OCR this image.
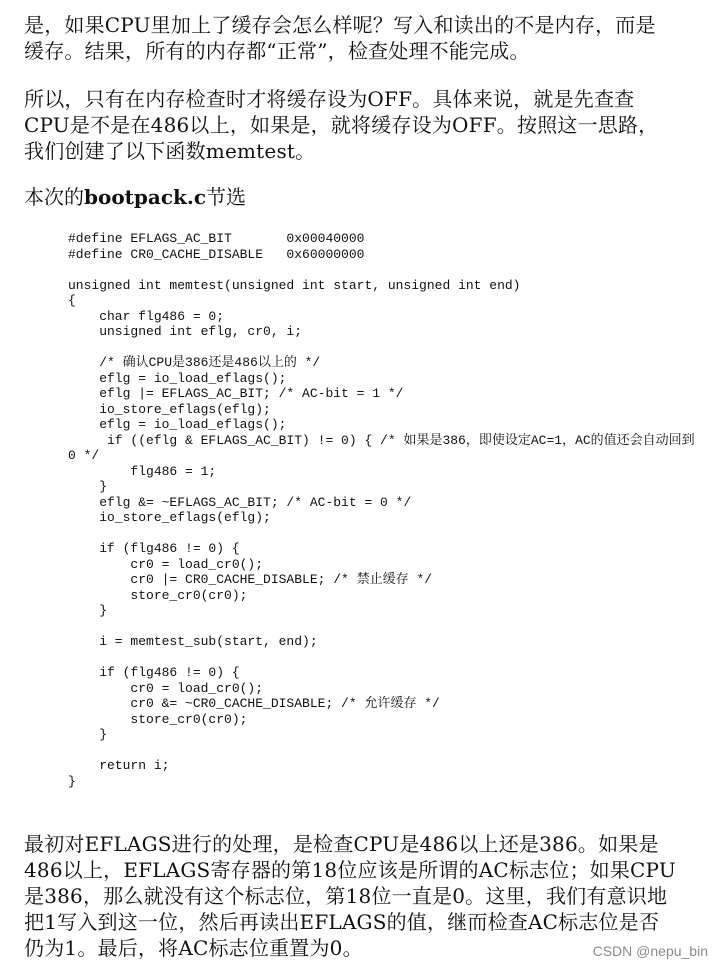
是，如果CPU里加上了缓存会怎么样呢？写入和读出的不是内存，而是
缓存。结果，所有的内存都“正常”，检查处理不能完成。
所以，只有在内存检查时才将缓存设为OFF。具体来说，就是先查查
CPU是不是在486以上，如果是，就将缓存设为OFF。按照这一思路，
我们创建了以下函数memtest。

本次的bootpack.c节选

#define EFLAGS_AC_BIT       0x00040000
#define CR0_CACHE_DISABLE   0x60000000
unsigned int memtest(unsigned int start, unsigned int end)
{
char flg486 = 0;
unsigned int eflg, cr0, i;
/* 确认CPU是386还是486以上的 */
eflg = io_load_eflags();
eflg |= EFLAGS_AC_BIT; /* AC-bit = 1 */
io_store_eflags(eflg);
eflg = io_load_eflags();
if ((eflg & EFLAGS_AC_BIT) != 0) { /* 如果是386，即使设定AC=1，AC的值还会自动回到
0 */
flg486 = 1;
}
eflg &= ~EFLAGS_AC_BIT; /* AC-bit = 0 */
io_store_eflags(eflg);
if (flg486 != 0) {
cr0 = load_cr0();
cr0 |= CR0_CACHE_DISABLE; /* 禁止缓存 */
store_cr0(cr0);
}
i = memtest_sub(start, end);
if (flg486 != 0) {
cr0 = load_cr0();
cr0 &= ~CR0_CACHE_DISABLE; /* 允许缓存 */
store_cr0(cr0);
}
return i;
}
最初对EFLAGS进行的处理，是检查CPU是486以上还是386。如果是
486以上，EFLAGS寄存器的第18位应该是所谓的AC标志位；如果CPU
是386，那么就没有这个标志位，第18位一直是0。这里，我们有意识地
把1写入到这一位，然后再读出EFLAGS的值，继而检查AC标志位是否
仍为1。最后，将AC标志位重置为0。	CSDN @nepu_bin
